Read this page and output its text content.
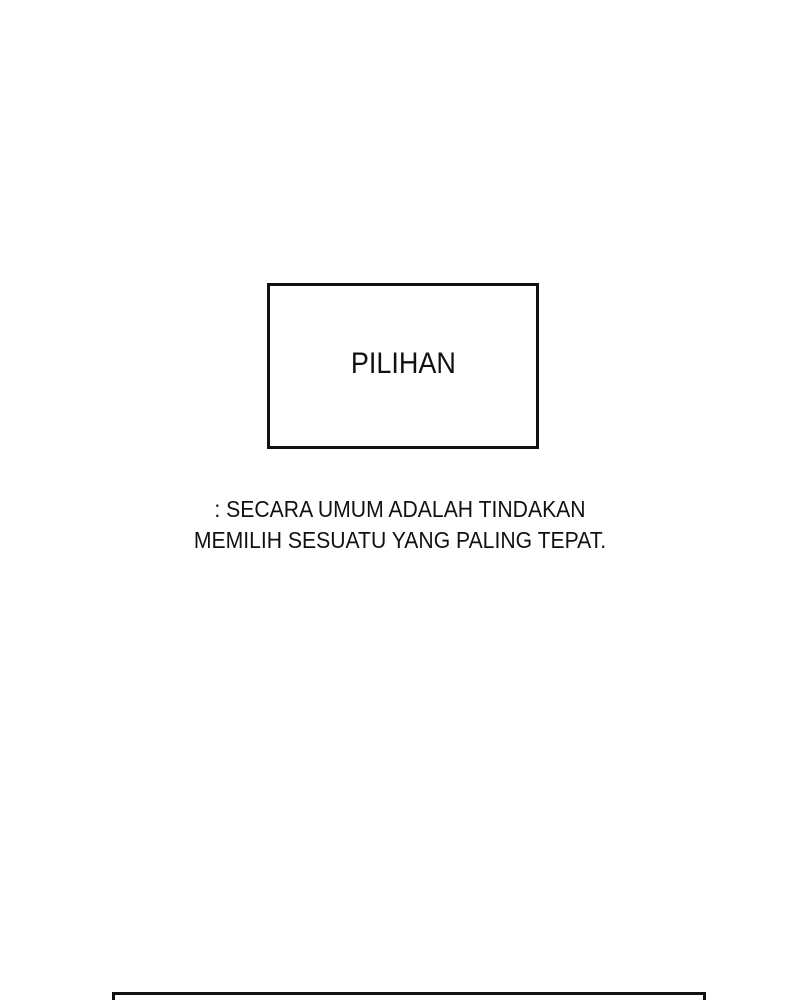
PILIHAN
: SECARA UMUM ADALAH TINDAKAN
MEMILIH SESUATU YANG PALING TEPAT.
